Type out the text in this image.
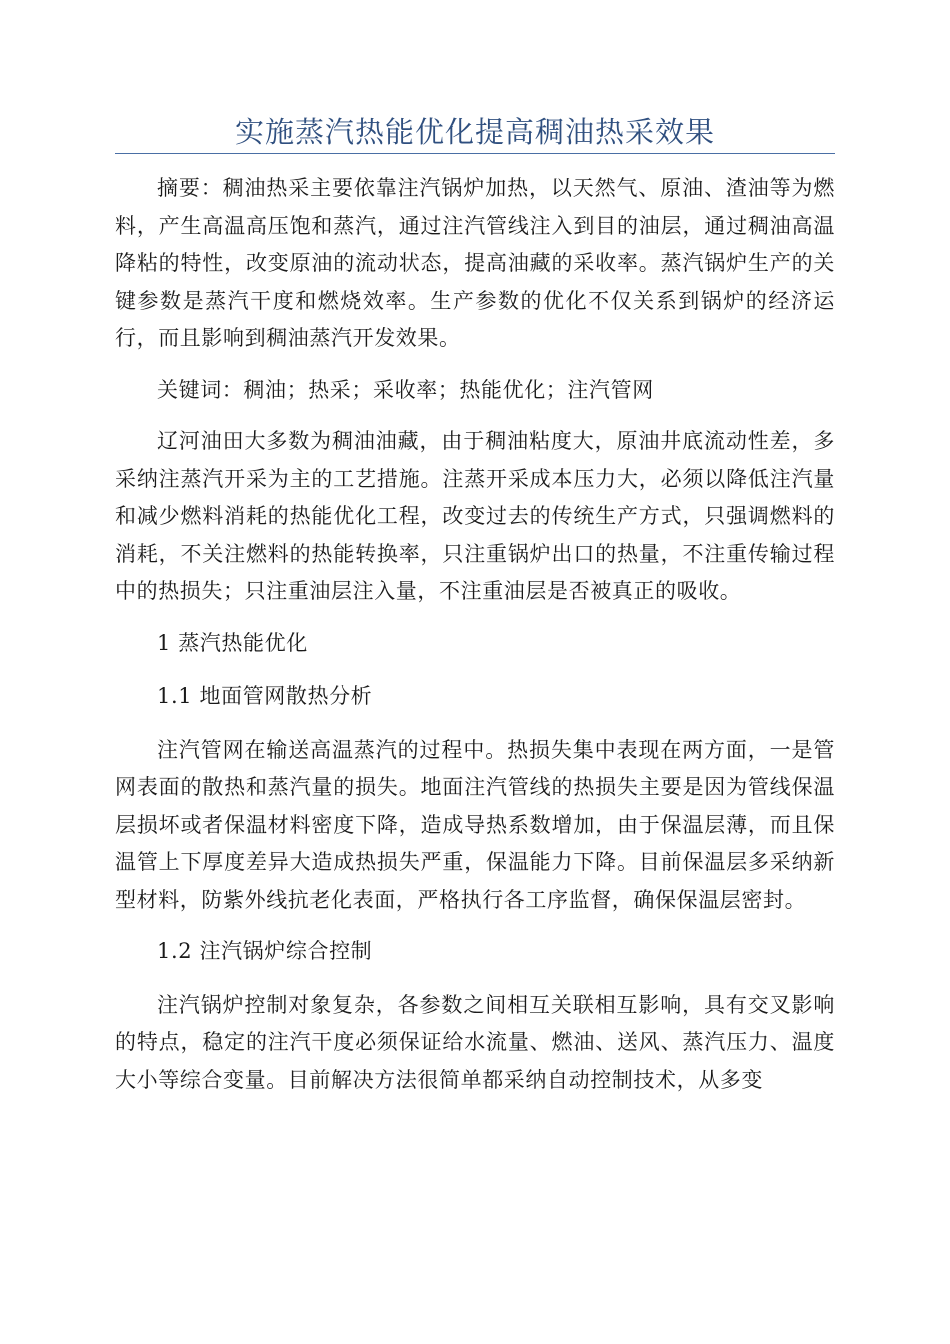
实施蒸汽热能优化提高稠油热采效果

摘要：稠油热采主要依靠注汽锅炉加热，以天然气、原油、渣油等为燃料，产生高温高压饱和蒸汽，通过注汽管线注入到目的油层，通过稠油高温降粘的特性，改变原油的流动状态，提高油藏的采收率。蒸汽锅炉生产的关键参数是蒸汽干度和燃烧效率。生产参数的优化不仅关系到锅炉的经济运行，而且影响到稠油蒸汽开发效果。

关键词：稠油；热采；采收率；热能优化；注汽管网

辽河油田大多数为稠油油藏，由于稠油粘度大，原油井底流动性差，多采纳注蒸汽开采为主的工艺措施。注蒸开采成本压力大，必须以降低注汽量和减少燃料消耗的热能优化工程，改变过去的传统生产方式，只强调燃料的消耗，不关注燃料的热能转换率，只注重锅炉出口的热量，不注重传输过程中的热损失；只注重油层注入量，不注重油层是否被真正的吸收。

1 蒸汽热能优化

1.1 地面管网散热分析

注汽管网在输送高温蒸汽的过程中。热损失集中表现在两方面，一是管网表面的散热和蒸汽量的损失。地面注汽管线的热损失主要是因为管线保温层损坏或者保温材料密度下降，造成导热系数增加，由于保温层薄，而且保温管上下厚度差异大造成热损失严重，保温能力下降。目前保温层多采纳新型材料，防紫外线抗老化表面，严格执行各工序监督，确保保温层密封。

1.2 注汽锅炉综合控制

注汽锅炉控制对象复杂，各参数之间相互关联相互影响，具有交叉影响的特点，稳定的注汽干度必须保证给水流量、燃油、送风、蒸汽压力、温度大小等综合变量。目前解决方法很简单都采纳自动控制技术，从多变
